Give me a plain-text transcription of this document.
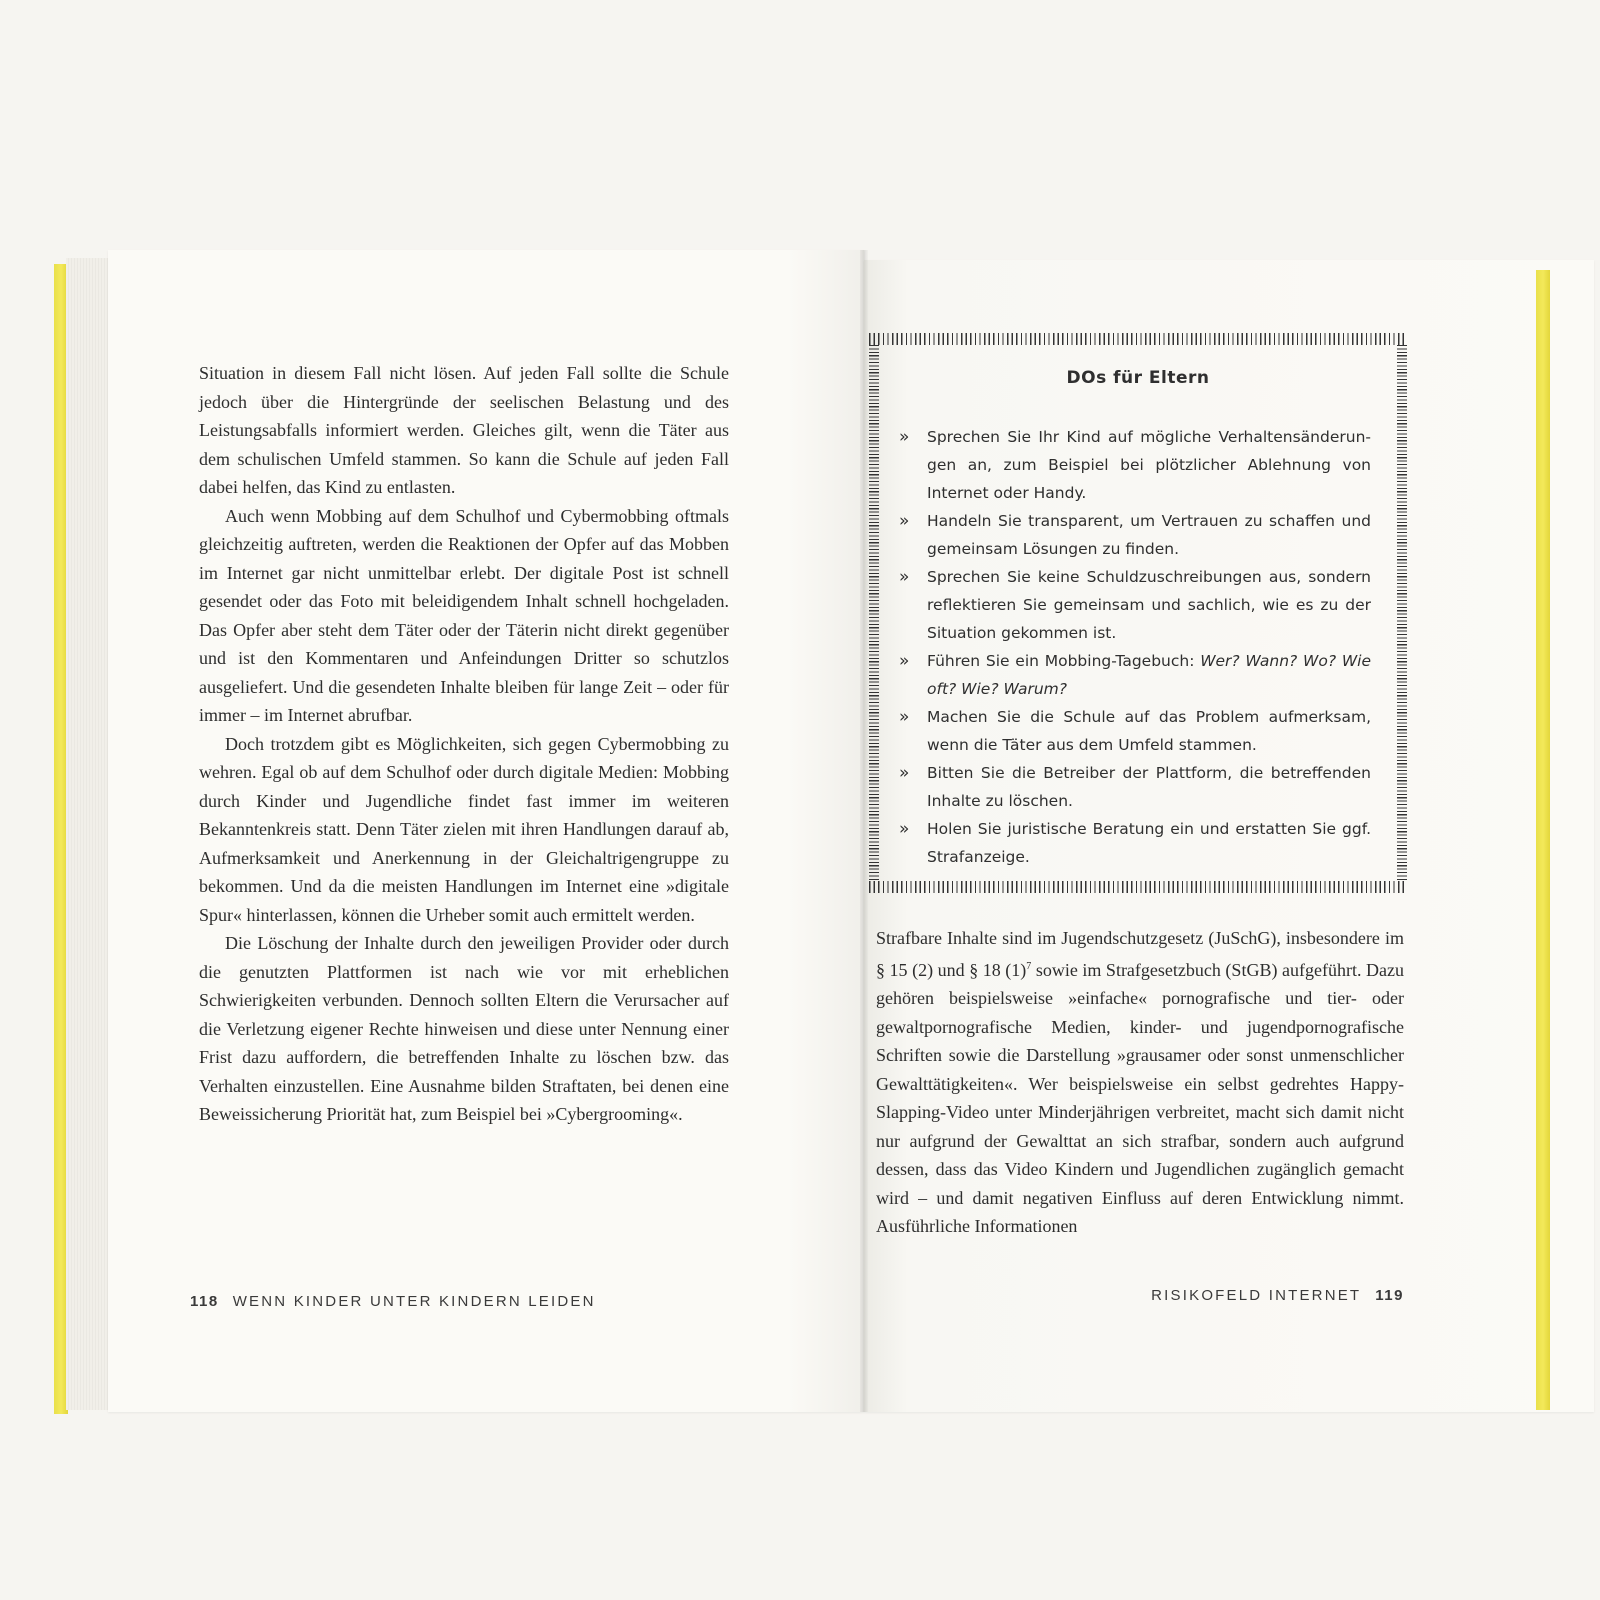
Situation in diesem Fall nicht lösen. Auf jeden Fall sollte die Schule jedoch über die Hintergründe der seelischen Belastung und des Leistungsabfalls informiert werden. Gleiches gilt, wenn die Täter aus dem schulischen Umfeld stammen. So kann die Schule auf jeden Fall dabei helfen, das Kind zu entlasten.

Auch wenn Mobbing auf dem Schulhof und Cybermobbing oftmals gleichzeitig auftreten, werden die Reaktionen der Opfer auf das Mobben im Internet gar nicht unmittelbar erlebt. Der digitale Post ist schnell gesendet oder das Foto mit beleidigendem Inhalt schnell hochgeladen. Das Opfer aber steht dem Täter oder der Täterin nicht direkt gegenüber und ist den Kommentaren und Anfeindungen Dritter so schutzlos ausgeliefert. Und die gesendeten Inhalte bleiben für lange Zeit – oder für immer – im Internet abrufbar.

Doch trotzdem gibt es Möglichkeiten, sich gegen Cybermobbing zu wehren. Egal ob auf dem Schulhof oder durch digitale Medien: Mobbing durch Kinder und Jugendliche findet fast immer im weiteren Bekanntenkreis statt. Denn Täter zielen mit ihren Handlungen darauf ab, Aufmerksamkeit und Anerkennung in der Gleichaltrigengruppe zu bekommen. Und da die meisten Handlungen im Internet eine »digitale Spur« hinterlassen, können die Urheber somit auch ermittelt werden.

Die Löschung der Inhalte durch den jeweiligen Provider oder durch die genutzten Plattformen ist nach wie vor mit erheblichen Schwierigkeiten verbunden. Dennoch sollten Eltern die Verursacher auf die Verletzung eigener Rechte hinweisen und diese unter Nennung einer Frist dazu auffordern, die betreffenden Inhalte zu löschen bzw. das Verhalten einzustellen. Eine Ausnahme bilden Straftaten, bei denen eine Beweissicherung Priorität hat, zum Beispiel bei »Cybergrooming«.

118 WENN KINDER UNTER KINDERN LEIDEN
DOs für Eltern
» Sprechen Sie Ihr Kind auf mögliche Verhaltensänderungen an, zum Beispiel bei plötzlicher Ablehnung von Internet oder Handy.
» Handeln Sie transparent, um Vertrauen zu schaffen und gemeinsam Lösungen zu finden.
» Sprechen Sie keine Schuldzuschreibungen aus, sondern reflektieren Sie gemeinsam und sachlich, wie es zu der Situation gekommen ist.
» Führen Sie ein Mobbing-Tagebuch: Wer? Wann? Wo? Wie oft? Wie? Warum?
» Machen Sie die Schule auf das Problem aufmerksam, wenn die Täter aus dem Umfeld stammen.
» Bitten Sie die Betreiber der Plattform, die betreffenden Inhalte zu löschen.
» Holen Sie juristische Beratung ein und erstatten Sie ggf. Strafanzeige.

Strafbare Inhalte sind im Jugendschutzgesetz (JuSchG), insbesondere im § 15 (2) und § 18 $(1)^7$ sowie im Strafgesetzbuch (StGB) aufgeführt. Dazu gehören beispielsweise »einfache« pornografische und tier- oder gewaltpornografische Medien, kinder- und jugendpornografische Schriften sowie die Darstellung »grausamer oder sonst unmenschlicher Gewalttätigkeiten«. Wer beispielsweise ein selbst gedrehtes Happy-Slapping-Video unter Minderjährigen verbreitet, macht sich damit nicht nur aufgrund der Gewalttat an sich strafbar, sondern auch aufgrund dessen, dass das Video Kindern und Jugendlichen zugänglich gemacht wird – und damit negativen Einfluss auf deren Entwicklung nimmt. Ausführliche Informationen

RISIKOFELD INTERNET 119
